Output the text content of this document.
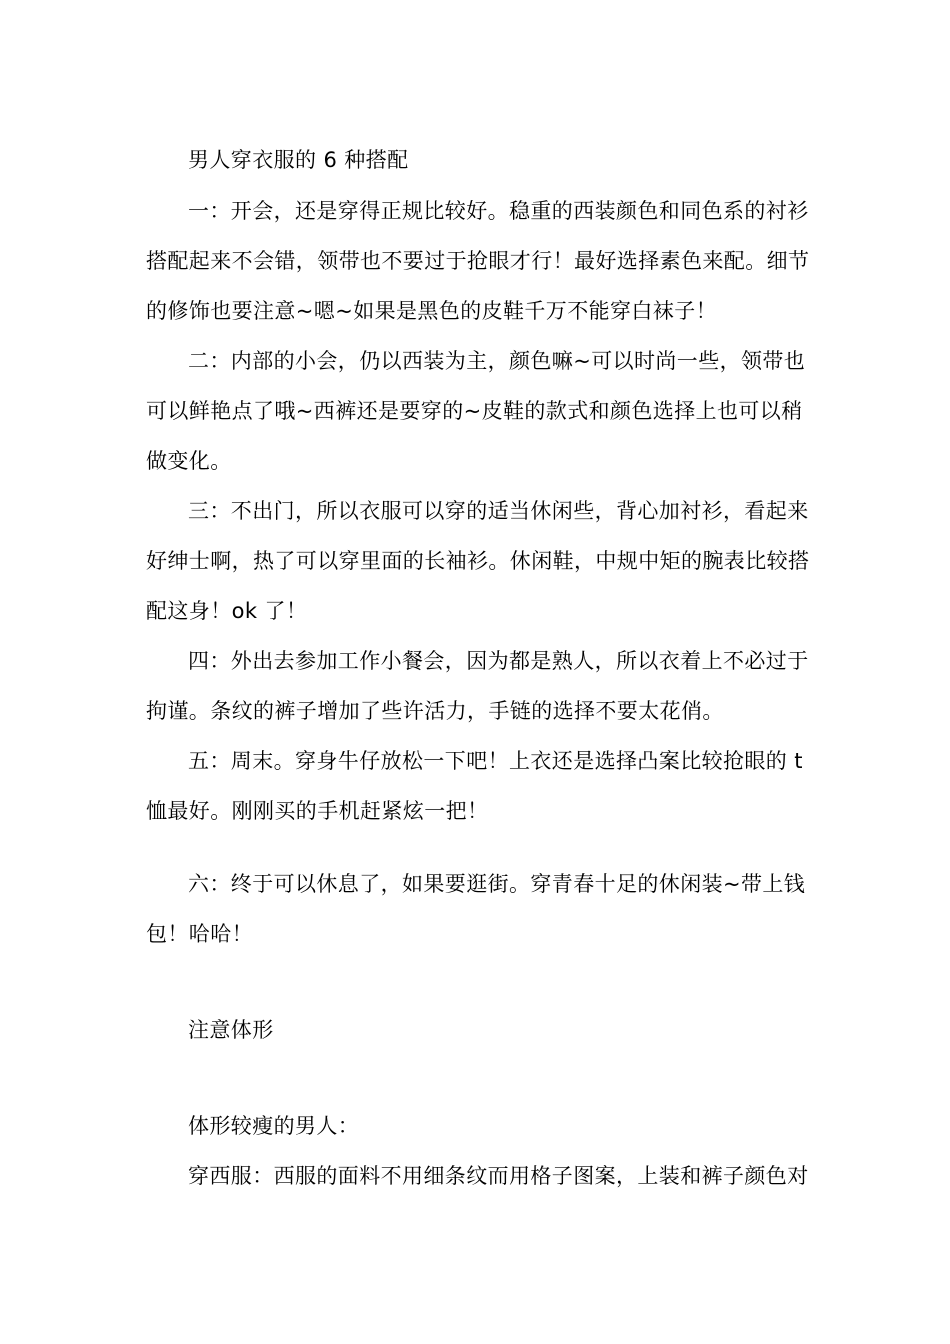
男人穿衣服的 6 种搭配
一：开会，还是穿得正规比较好。稳重的西装颜色和同色系的衬衫
搭配起来不会错，领带也不要过于抢眼才行！最好选择素色来配。细节
的修饰也要注意~嗯~如果是黑色的皮鞋千万不能穿白袜子！
二：内部的小会，仍以西装为主，颜色嘛~可以时尚一些，领带也
可以鲜艳点了哦~西裤还是要穿的~皮鞋的款式和颜色选择上也可以稍
做变化。
三：不出门，所以衣服可以穿的适当休闲些，背心加衬衫，看起来
好绅士啊，热了可以穿里面的长袖衫。休闲鞋，中规中矩的腕表比较搭
配这身！ok 了！
四：外出去参加工作小餐会，因为都是熟人，所以衣着上不必过于
拘谨。条纹的裤子增加了些许活力，手链的选择不要太花俏。
五：周末。穿身牛仔放松一下吧！上衣还是选择凸案比较抢眼的 t
恤最好。刚刚买的手机赶紧炫一把！
六：终于可以休息了，如果要逛街。穿青春十足的休闲装~带上钱
包！哈哈！
注意体形
体形较瘦的男人：
穿西服：西服的面料不用细条纹而用格子图案，上装和裤子颜色对
